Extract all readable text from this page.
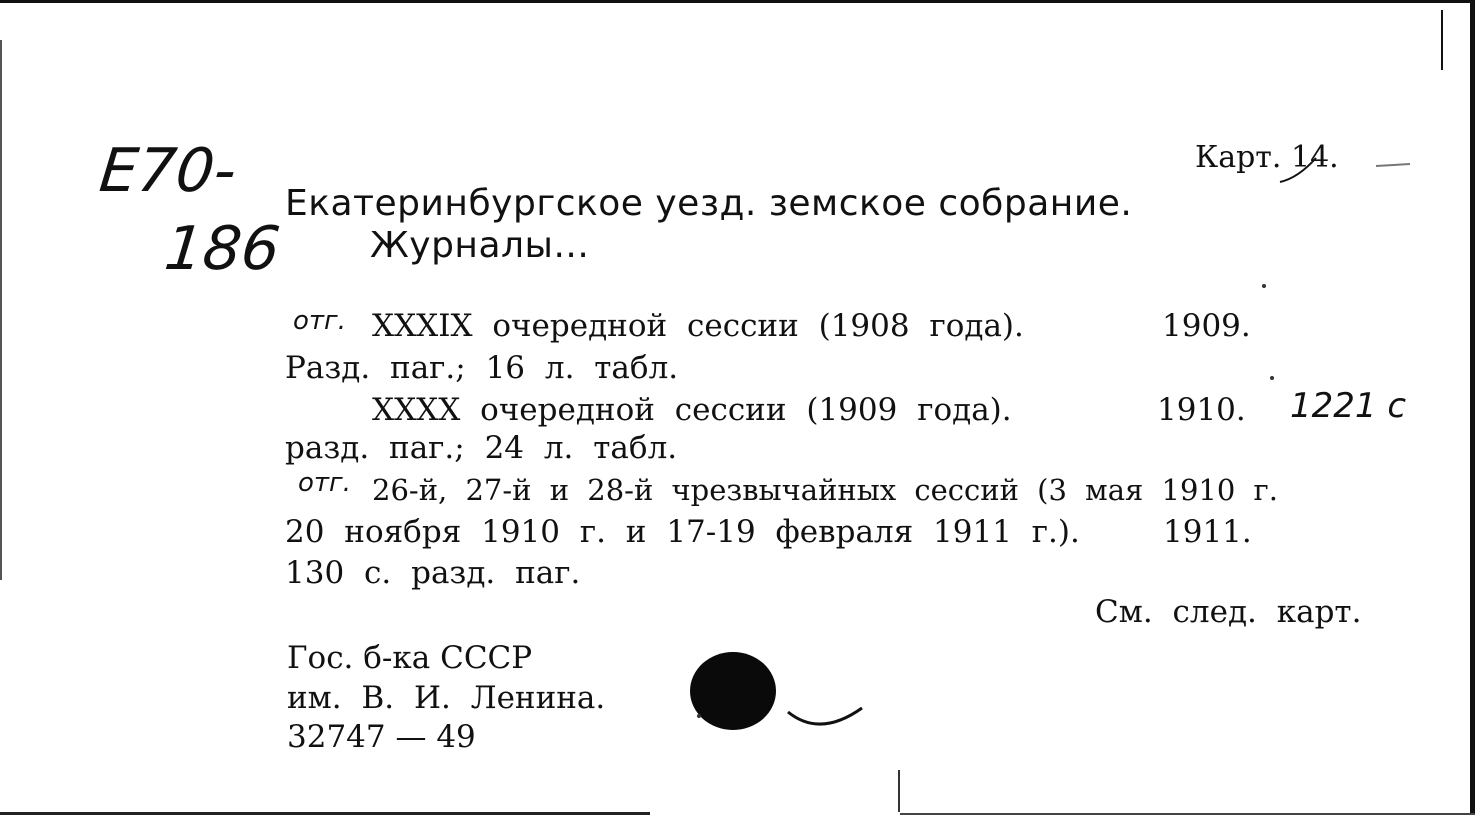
E70-
186
Карт. 14.
Екатеринбургское уезд. земское собрание.
Журналы...
отг. XXXIX очередной сессии (1908 года).	1909.
Разд. паг.; 16 л. табл.
XXXX очередной сессии (1909 года).	1910. 1221 с
разд. паг.; 24 л. табл.
отг. 26-й, 27-й и 28-й чрезвычайных сессий (3 мая 1910 г.
20 ноября 1910 г. и 17-19 февраля 1911 г.).	1911.
130 с. разд. паг.
См. след. карт.
Гос. б-ка СССР
им. В. И. Ленина.
32747 — 49
